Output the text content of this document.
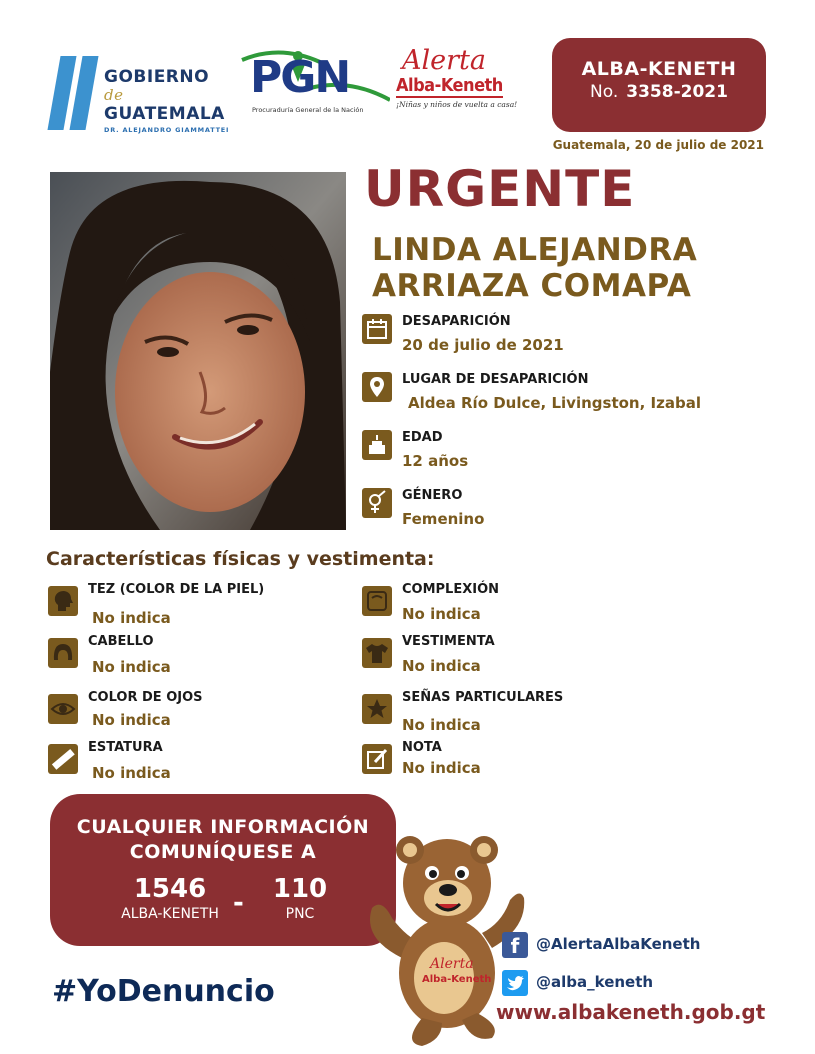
GOBIERNO de
GUATEMALA
DR. ALEJANDRO GIAMMATTEI
PGN
Procuraduría General de la Nación
Alerta
Alba-Keneth
¡Niñas y niños de vuelta a casa!
ALBA-KENETH
No. 3358-2021
Guatemala, 20 de julio de 2021
URGENTE
LINDA ALEJANDRA
ARRIAZA COMAPA
DESAPARICIÓN
20 de julio de 2021
LUGAR DE DESAPARICIÓN
Aldea Río Dulce, Livingston, Izabal
EDAD
12 años
GÉNERO
Femenino
Características físicas y vestimenta:
TEZ (COLOR DE LA PIEL)
No indica
CABELLO
No indica
COLOR DE OJOS
No indica
ESTATURA
No indica
COMPLEXIÓN
No indica
VESTIMENTA
No indica
SEÑAS PARTICULARES
No indica
NOTA
No indica
CUALQUIER INFORMACIÓN
COMUNÍQUESE A
1546
ALBA-KENETH -	110
PNC
#YoDenuncio
Alerta
Alba-Keneth
f	@AlertaAlbaKeneth
@alba_keneth
www.albakeneth.gob.gt
